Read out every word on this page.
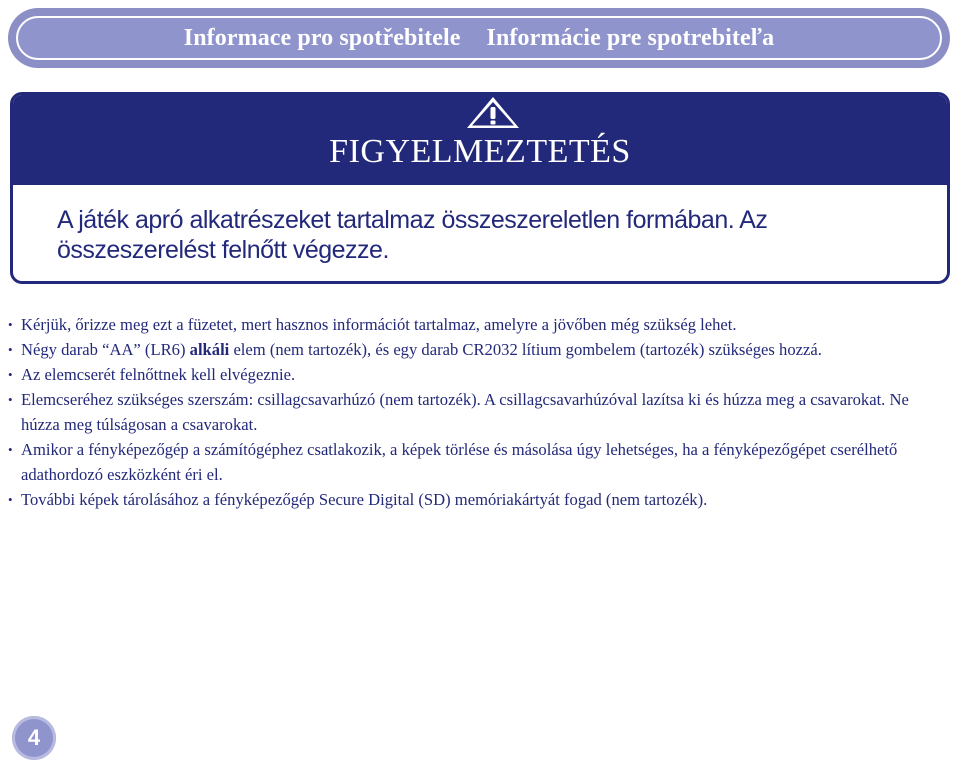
Informace pro spotřebitele Informácie pre spotrebiteľa
FIGYELMEZTETÉS
A játék apró alkatrészeket tartalmaz összeszereletlen formában. Az összeszerelést felnőtt végezze.
• Kérjük, őrizze meg ezt a füzetet, mert hasznos információt tartalmaz, amelyre a jövőben még szükség lehet.
• Négy darab “AA” (LR6) alkáli elem (nem tartozék), és egy darab CR2032 lítium gombelem (tartozék) szükséges hozzá.
• Az elemcserét felnőttnek kell elvégeznie.
• Elemcseréhez szükséges szerszám: csillagcsavarhúzó (nem tartozék). A csillagcsavarhúzóval lazítsa ki és húzza meg a csavarokat. Ne húzza meg túlságosan a csavarokat.
• Amikor a fényképezőgép a számítógéphez csatlakozik, a képek törlése és másolása úgy lehetséges, ha a fényképezőgépet cserélhető adathordozó eszközként éri el.
• További képek tárolásához a fényképezőgép Secure Digital (SD) memóriakártyát fogad (nem tartozék).
4
